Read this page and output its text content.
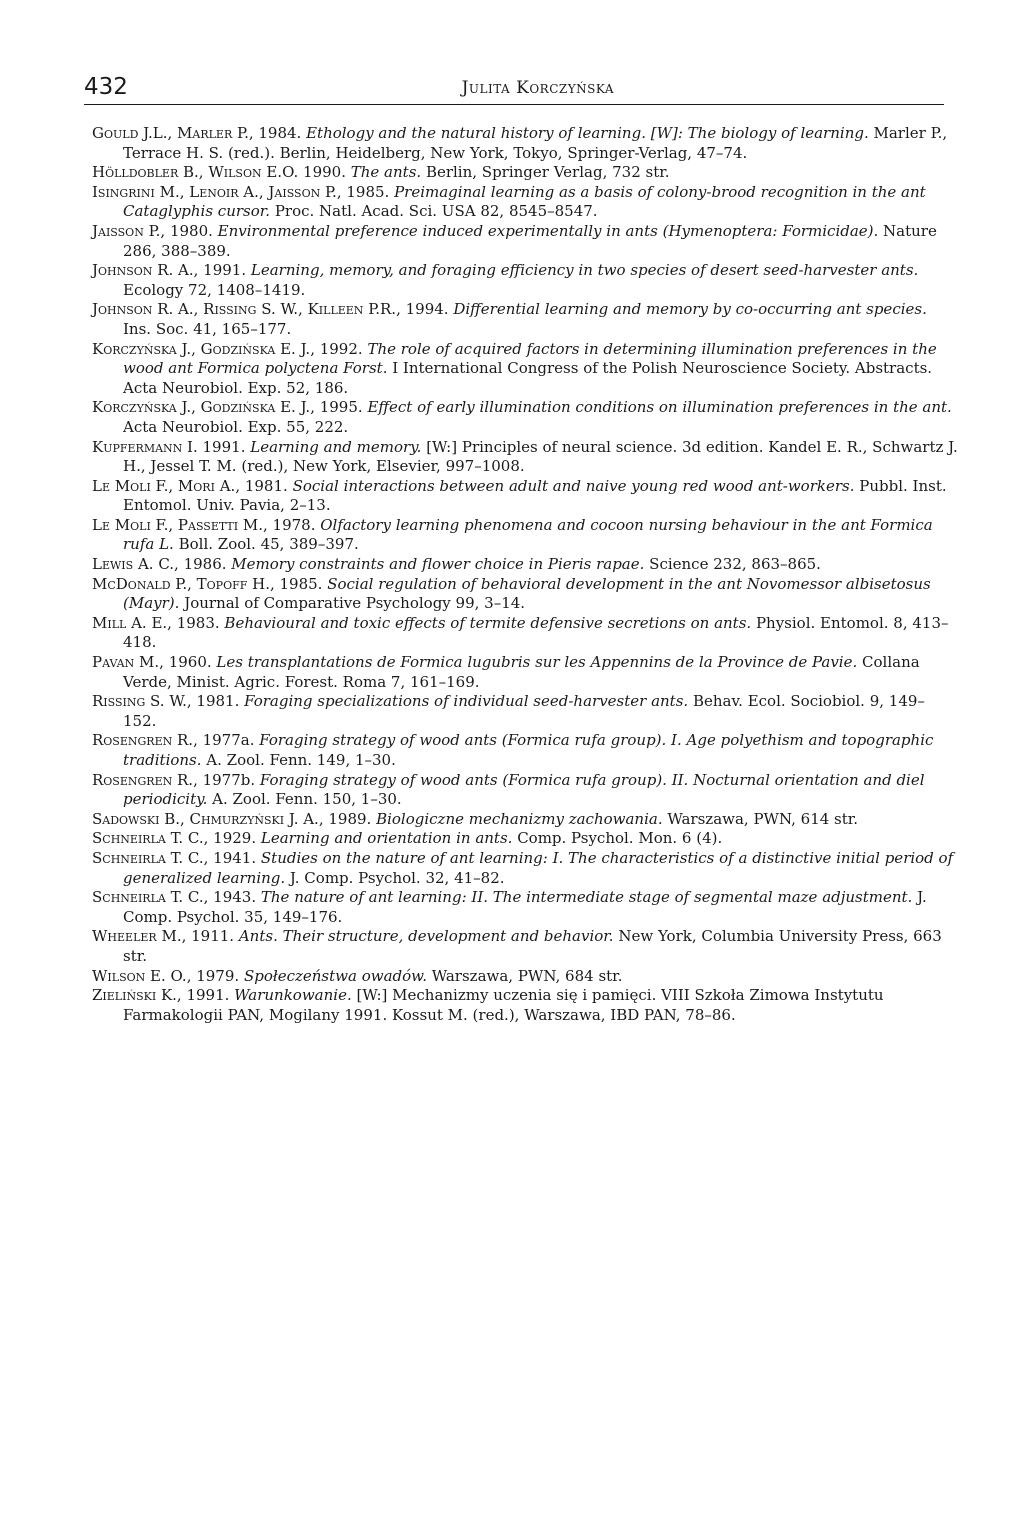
432	Julita Korczyńska

Gould J.L., Marler P., 1984. Ethology and the natural history of learning. [W]: The biology of learning. Marler P., Terrace H. S. (red.). Berlin, Heidelberg, New York, Tokyo, Springer-Verlag, 47–74.

Hölldobler B., Wilson E.O. 1990. The ants. Berlin, Springer Verlag, 732 str.

Isingrini M., Lenoir A., Jaisson P., 1985. Preimaginal learning as a basis of colony-brood recognition in the ant Cataglyphis cursor. Proc. Natl. Acad. Sci. USA 82, 8545–8547.

Jaisson P., 1980. Environmental preference induced experimentally in ants (Hymenoptera: Formicidae). Nature 286, 388–389.

Johnson R. A., 1991. Learning, memory, and foraging efficiency in two species of desert seed-harvester ants. Ecology 72, 1408–1419.

Johnson R. A., Rissing S. W., Killeen P.R., 1994. Differential learning and memory by co-occurring ant species. Ins. Soc. 41, 165–177.

Korczyńska J., Godzińska E. J., 1992. The role of acquired factors in determining illumination preferences in the wood ant Formica polyctena Forst. I International Congress of the Polish Neuroscience Society. Abstracts. Acta Neurobiol. Exp. 52, 186.

Korczyńska J., Godzińska E. J., 1995. Effect of early illumination conditions on illumination preferences in the ant. Acta Neurobiol. Exp. 55, 222.

Kupfermann I. 1991. Learning and memory. [W:] Principles of neural science. 3d edition. Kandel E. R., Schwartz J. H., Jessel T. M. (red.), New York, Elsevier, 997–1008.

Le Moli F., Mori A., 1981. Social interactions between adult and naive young red wood ant-workers. Pubbl. Inst. Entomol. Univ. Pavia, 2–13.

Le Moli F., Passetti M., 1978. Olfactory learning phenomena and cocoon nursing behaviour in the ant Formica rufa L. Boll. Zool. 45, 389–397.

Lewis A. C., 1986. Memory constraints and flower choice in Pieris rapae. Science 232, 863–865.

McDonald P., Topoff H., 1985. Social regulation of behavioral development in the ant Novomessor albisetosus (Mayr). Journal of Comparative Psychology 99, 3–14.

Mill A. E., 1983. Behavioural and toxic effects of termite defensive secretions on ants. Physiol. Entomol. 8, 413–418.

Pavan M., 1960. Les transplantations de Formica lugubris sur les Appennins de la Province de Pavie. Collana Verde, Minist. Agric. Forest. Roma 7, 161–169.

Rissing S. W., 1981. Foraging specializations of individual seed-harvester ants. Behav. Ecol. Sociobiol. 9, 149–152.

Rosengren R., 1977a. Foraging strategy of wood ants (Formica rufa group). I. Age polyethism and topographic traditions. A. Zool. Fenn. 149, 1–30.

Rosengren R., 1977b. Foraging strategy of wood ants (Formica rufa group). II. Nocturnal orientation and diel periodicity. A. Zool. Fenn. 150, 1–30.

Sadowski B., Chmurzyński J. A., 1989. Biologiczne mechanizmy zachowania. Warszawa, PWN, 614 str.

Schneirla T. C., 1929. Learning and orientation in ants. Comp. Psychol. Mon. 6 (4).

Schneirla T. C., 1941. Studies on the nature of ant learning: I. The characteristics of a distinctive initial period of generalized learning. J. Comp. Psychol. 32, 41–82.

Schneirla T. C., 1943. The nature of ant learning: II. The intermediate stage of segmental maze adjustment. J. Comp. Psychol. 35, 149–176.

Wheeler M., 1911. Ants. Their structure, development and behavior. New York, Columbia University Press, 663 str.

Wilson E. O., 1979. Społeczeństwa owadów. Warszawa, PWN, 684 str.

Zieliński K., 1991. Warunkowanie. [W:] Mechanizmy uczenia się i pamięci. VIII Szkoła Zimowa Instytutu Farmakologii PAN, Mogilany 1991. Kossut M. (red.), Warszawa, IBD PAN, 78–86.
